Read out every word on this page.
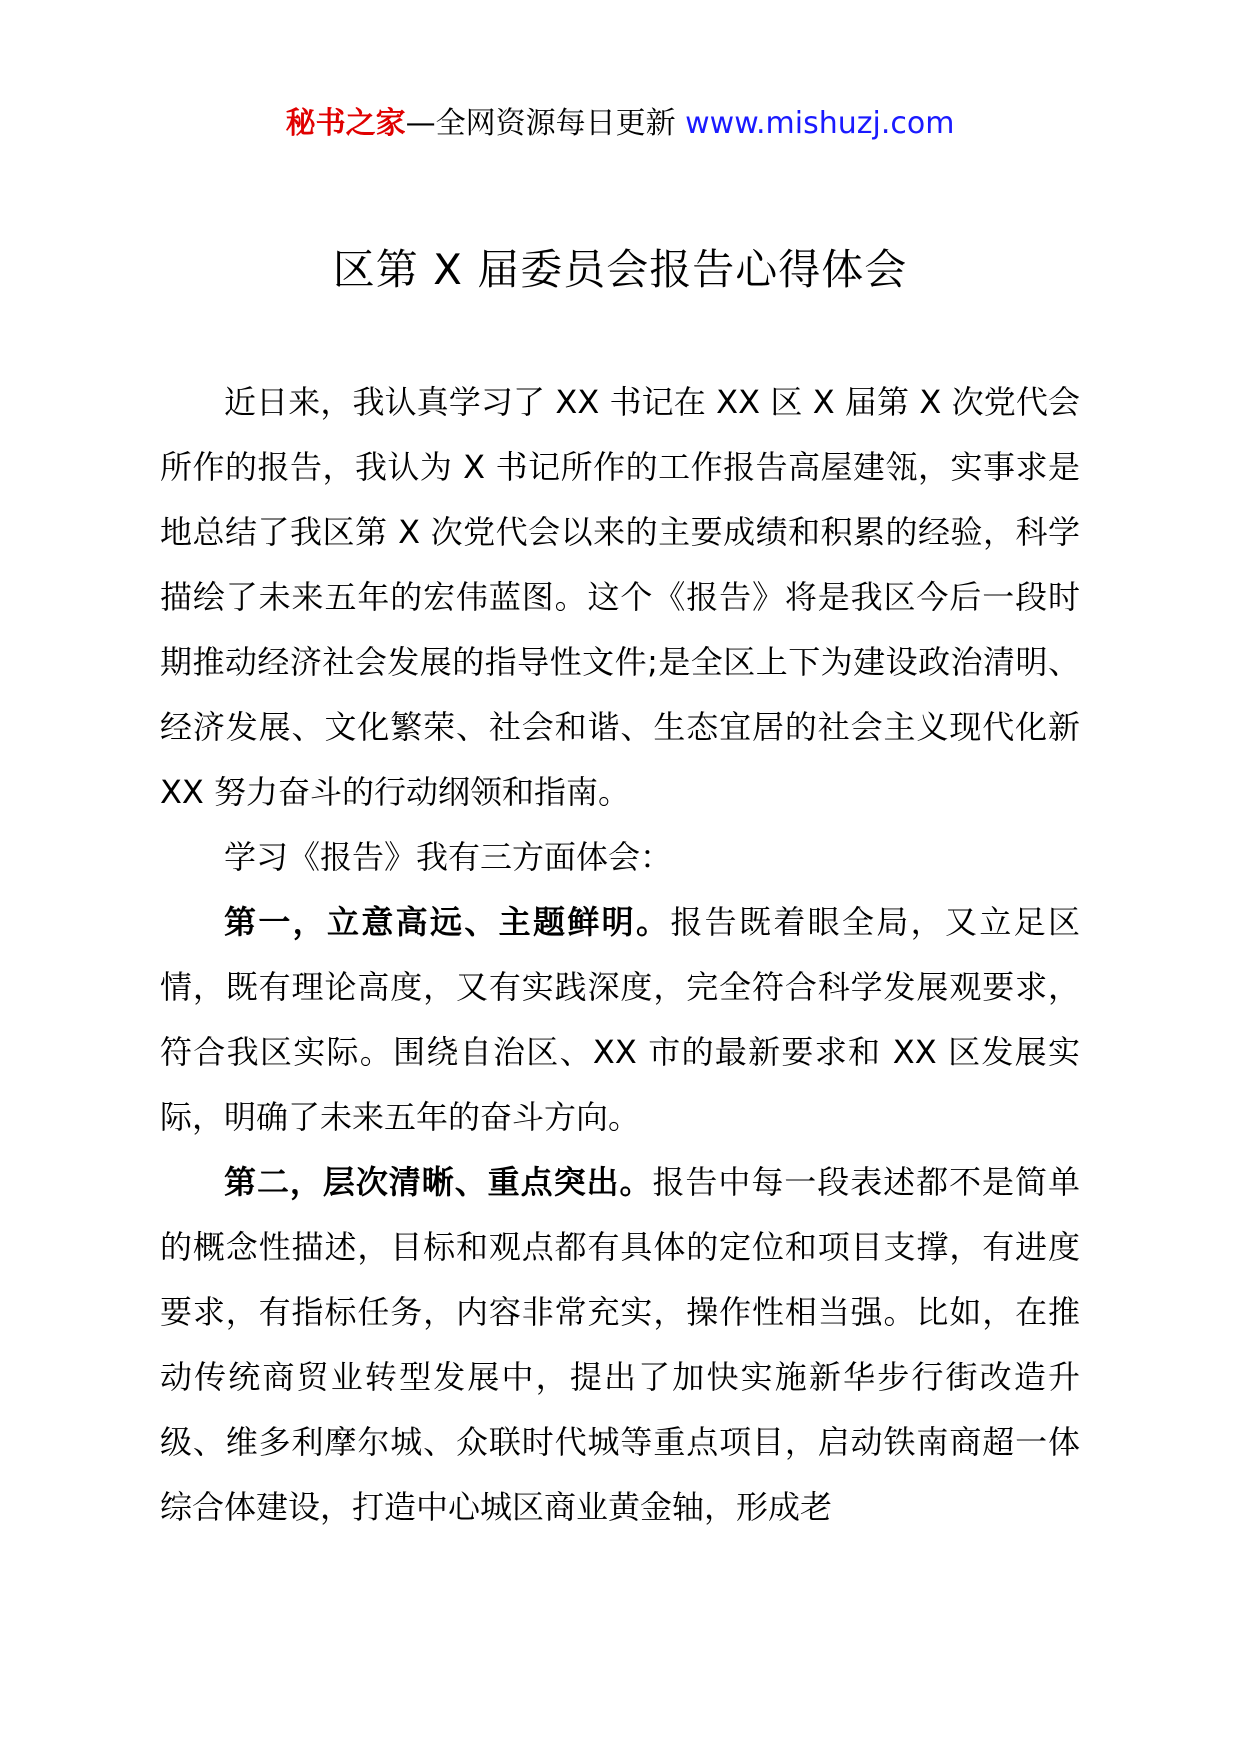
秘书之家—全网资源每日更新 www.mishuzj.com
区第 X 届委员会报告心得体会

近日来，我认真学习了 XX 书记在 XX 区 X 届第 X 次党代会所作的报告，我认为 X 书记所作的工作报告高屋建瓴，实事求是地总结了我区第 X 次党代会以来的主要成绩和积累的经验，科学描绘了未来五年的宏伟蓝图。这个《报告》将是我区今后一段时期推动经济社会发展的指导性文件;是全区上下为建设政治清明、经济发展、文化繁荣、社会和谐、生态宜居的社会主义现代化新 XX 努力奋斗的行动纲领和指南。

学习《报告》我有三方面体会：

第一，立意高远、主题鲜明。报告既着眼全局，又立足区情，既有理论高度，又有实践深度，完全符合科学发展观要求，符合我区实际。围绕自治区、XX 市的最新要求和 XX 区发展实际，明确了未来五年的奋斗方向。

第二，层次清晰、重点突出。报告中每一段表述都不是简单的概念性描述，目标和观点都有具体的定位和项目支撑，有进度要求，有指标任务，内容非常充实，操作性相当强。比如，在推动传统商贸业转型发展中，提出了加快实施新华步行街改造升级、维多利摩尔城、众联时代城等重点项目，启动铁南商超一体综合体建设，打造中心城区商业黄金轴，形成老
